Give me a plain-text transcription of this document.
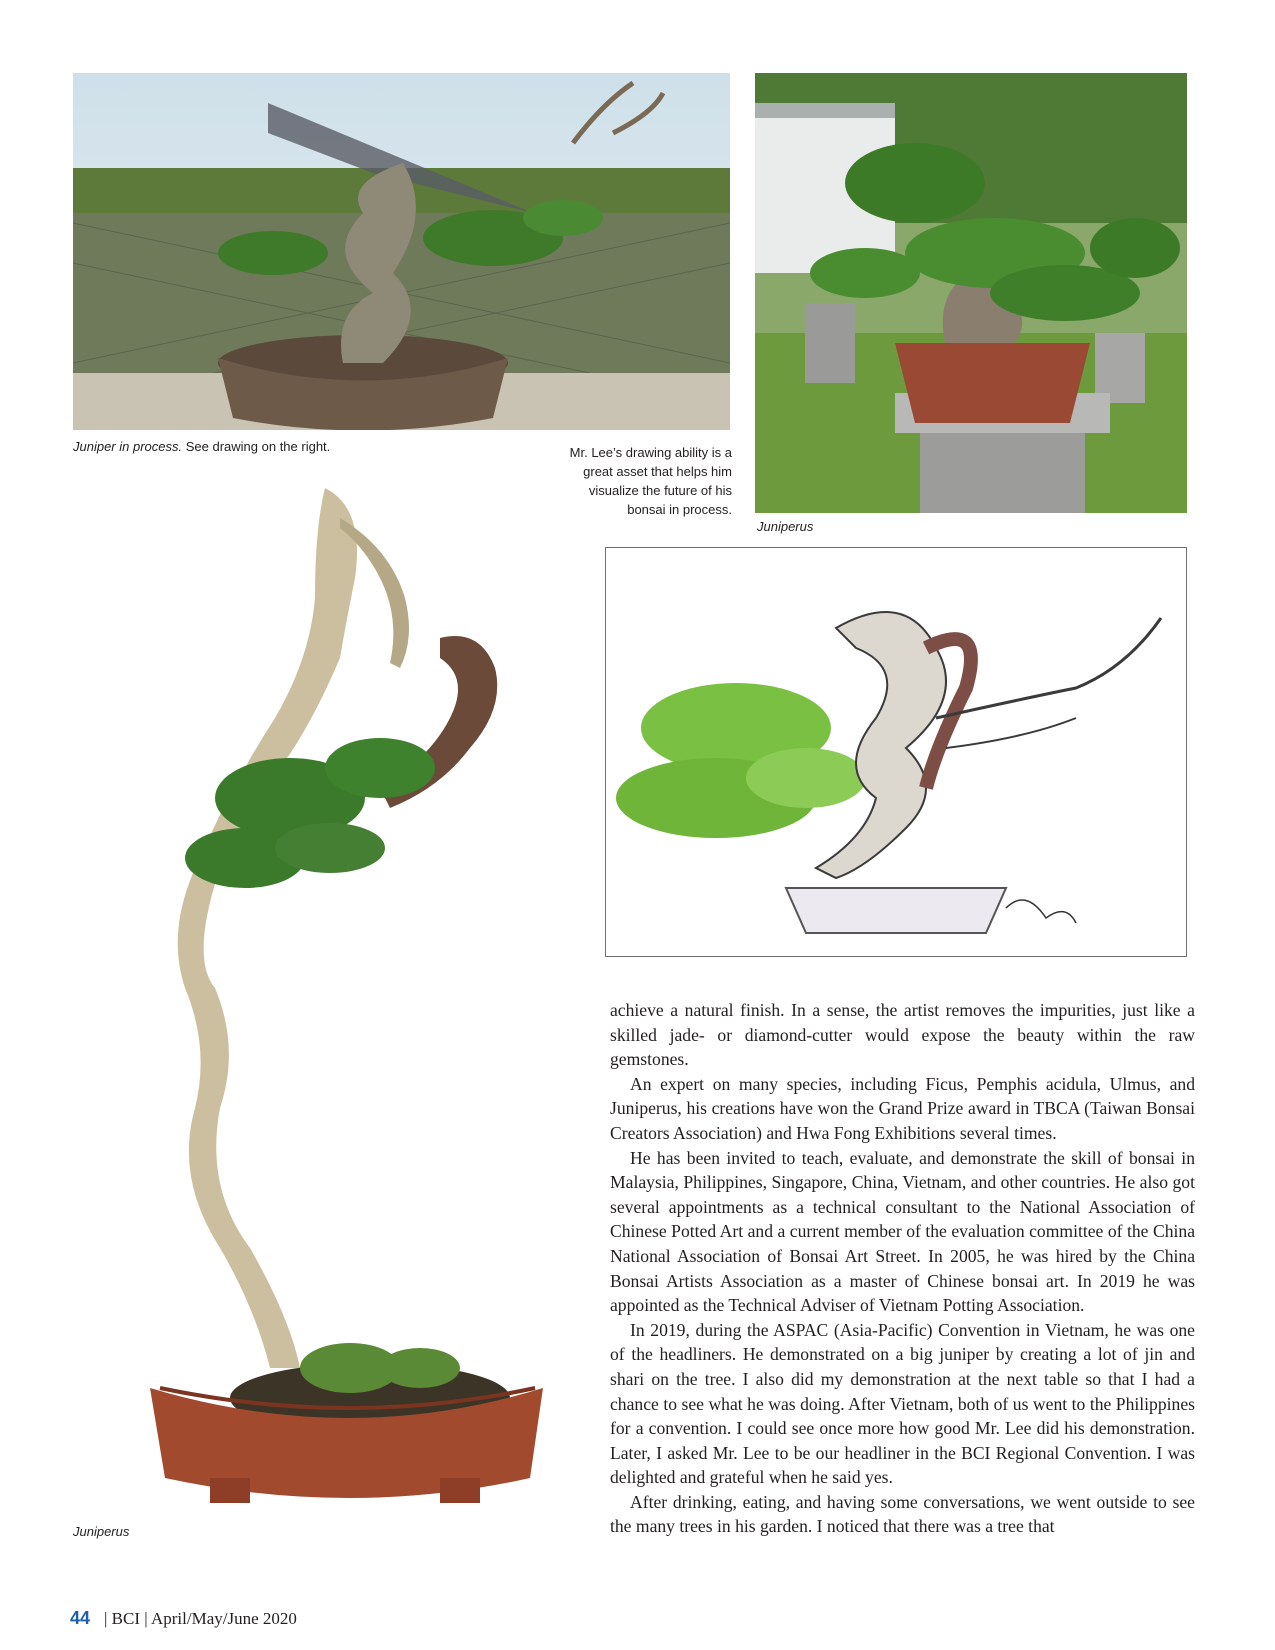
Juniper in process. See drawing on the right.	Mr. Lee’s drawing ability is a
great asset that helps him
visualize the future of his
bonsai in process.
Juniperus
Juniperus

achieve a natural finish. In a sense, the artist removes the impurities, just like a skilled jade- or diamond-cutter would expose the beauty within the raw gemstones.

An expert on many species, including Ficus, Pemphis acidula, Ulmus, and Juniperus, his creations have won the Grand Prize award in TBCA (Taiwan Bonsai Creators Association) and Hwa Fong Exhibitions several times.

He has been invited to teach, evaluate, and demonstrate the skill of bonsai in Malaysia, Philippines, Singapore, China, Vietnam, and other countries. He also got several appointments as a technical consultant to the National Association of Chinese Potted Art and a current member of the evaluation committee of the China National Association of Bonsai Art Street. In 2005, he was hired by the China Bonsai Artists Association as a master of Chinese bonsai art. In 2019 he was appointed as the Technical Adviser of Vietnam Potting Association.

In 2019, during the ASPAC (Asia-Pacific) Convention in Vietnam, he was one of the headliners. He demonstrated on a big juniper by creating a lot of jin and shari on the tree. I also did my demonstration at the next table so that I had a chance to see what he was doing. After Vietnam, both of us went to the Philippines for a convention. I could see once more how good Mr. Lee did his demonstration. Later, I asked Mr. Lee to be our headliner in the BCI Regional Convention. I was delighted and grateful when he said yes.

After drinking, eating, and having some conversations, we went outside to see the many trees in his garden. I noticed that there was a tree that

44 | BCI | April/May/June 2020
